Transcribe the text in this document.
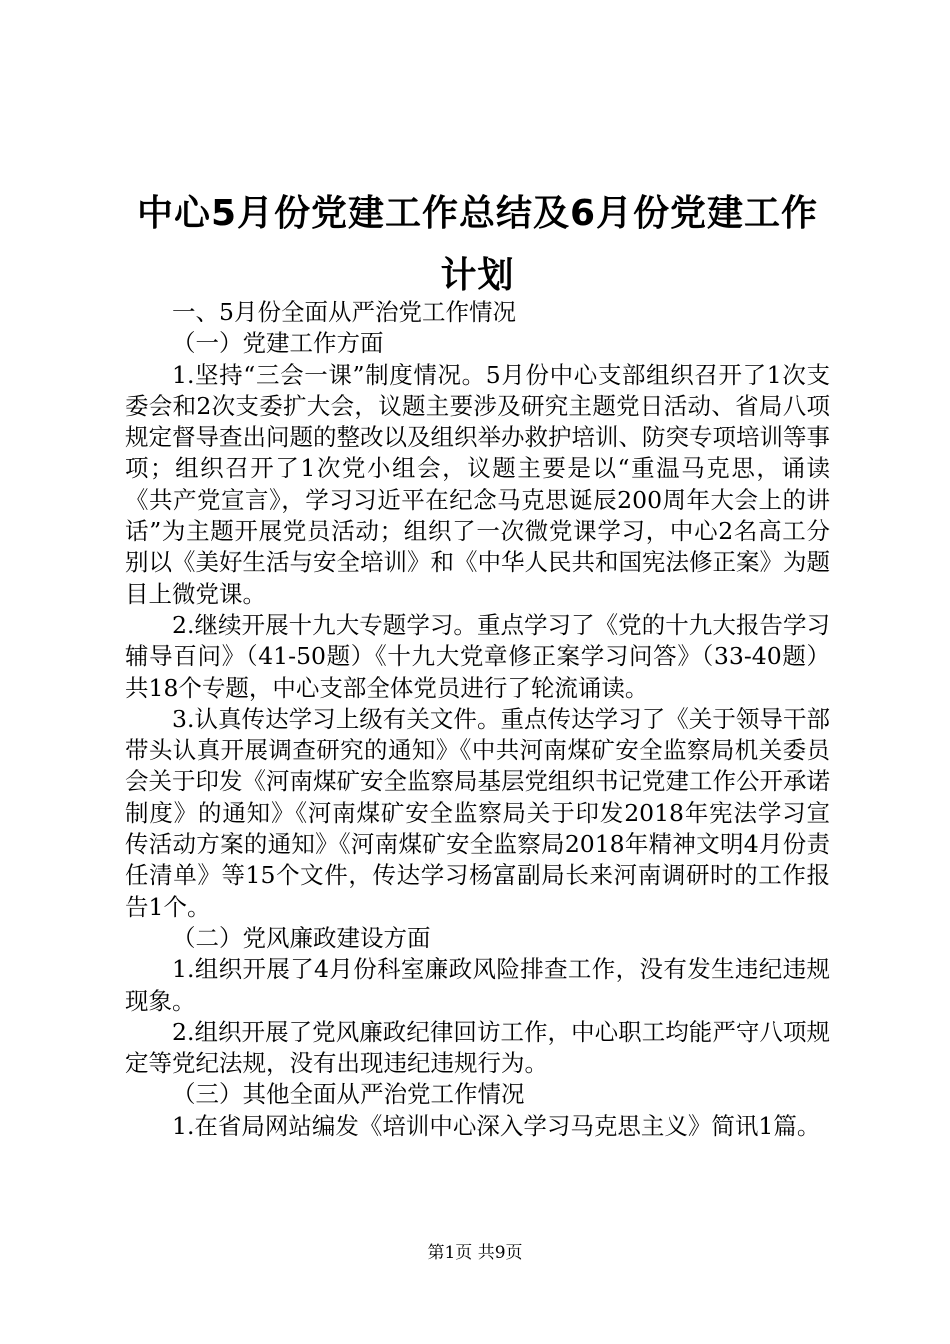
中心5月份党建工作总结及6月份党建工作计划

一、5月份全面从严治党工作情况

（一）党建工作方面

1.坚持“三会一课”制度情况。5月份中心支部组织召开了1次支委会和2次支委扩大会，议题主要涉及研究主题党日活动、省局八项规定督导查出问题的整改以及组织举办救护培训、防突专项培训等事项；组织召开了1次党小组会，议题主要是以“重温马克思，诵读《共产党宣言》，学习习近平在纪念马克思诞辰200周年大会上的讲话”为主题开展党员活动；组织了一次微党课学习，中心2名高工分别以《美好生活与安全培训》和《中华人民共和国宪法修正案》为题目上微党课。

2.继续开展十九大专题学习。重点学习了《党的十九大报告学习辅导百问》（41-50题）《十九大党章修正案学习问答》（33-40题）共18个专题，中心支部全体党员进行了轮流诵读。

3.认真传达学习上级有关文件。重点传达学习了《关于领导干部带头认真开展调查研究的通知》《中共河南煤矿安全监察局机关委员会关于印发《河南煤矿安全监察局基层党组织书记党建工作公开承诺制度》的通知》《河南煤矿安全监察局关于印发2018年宪法学习宣传活动方案的通知》《河南煤矿安全监察局2018年精神文明4月份责任清单》等15个文件，传达学习杨富副局长来河南调研时的工作报告1个。

（二）党风廉政建设方面

1.组织开展了4月份科室廉政风险排查工作，没有发生违纪违规现象。

2.组织开展了党风廉政纪律回访工作，中心职工均能严守八项规定等党纪法规，没有出现违纪违规行为。

（三）其他全面从严治党工作情况

1.在省局网站编发《培训中心深入学习马克思主义》简讯1篇。

第1页 共9页
